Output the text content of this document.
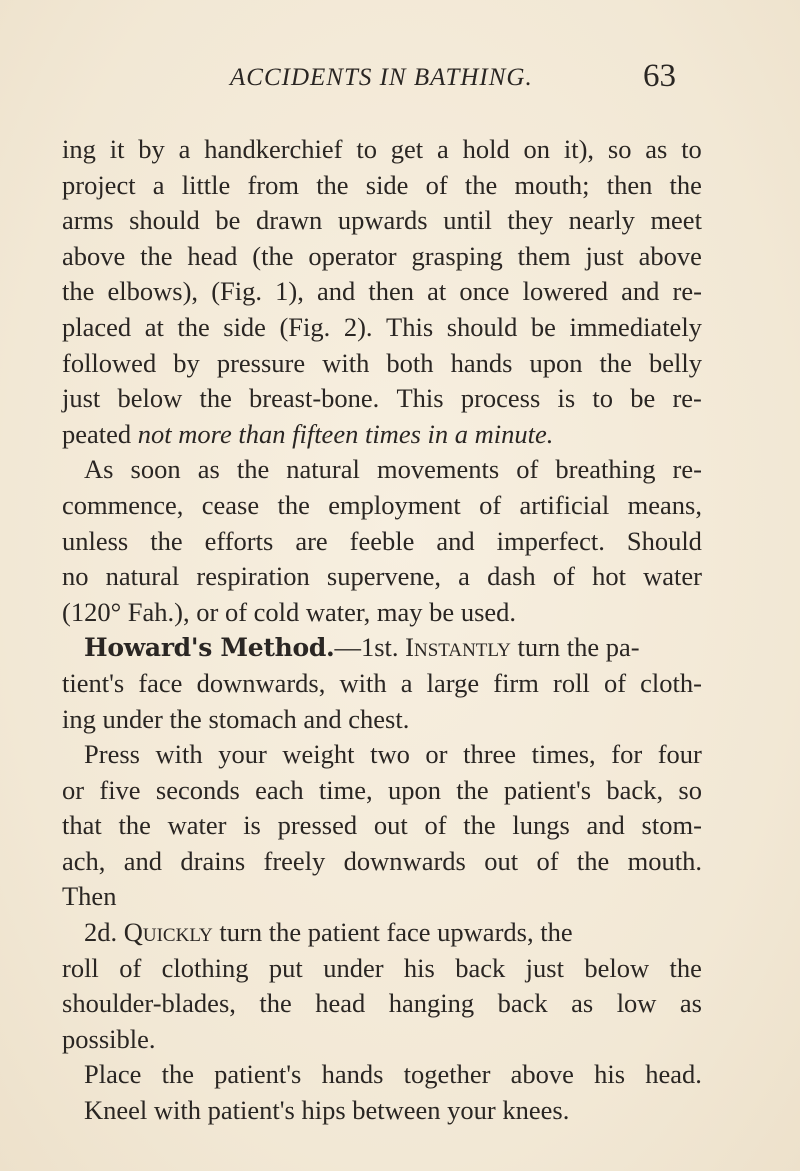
ACCIDENTS IN BATHING.	63
ing it by a handkerchief to get a hold on it), so as to
project a little from the side of the mouth; then the
arms should be drawn upwards until they nearly meet
above the head (the operator grasping them just above
the elbows), (Fig. 1), and then at once lowered and re-
placed at the side (Fig. 2). This should be immediately
followed by pressure with both hands upon the belly
just below the breast-bone. This process is to be re-
peated not more than fifteen times in a minute.
As soon as the natural movements of breathing re-
commence, cease the employment of artificial means,
unless the efforts are feeble and imperfect. Should
no natural respiration supervene, a dash of hot water
(120° Fah.), or of cold water, may be used.
Howard's Method. —1st. Instantly turn the pa-
tient's face downwards, with a large firm roll of cloth-
ing under the stomach and chest.
Press with your weight two or three times, for four
or five seconds each time, upon the patient's back, so
that the water is pressed out of the lungs and stom-
ach, and drains freely downwards out of the mouth.
Then
2d. Quickly turn the patient face upwards, the
roll of clothing put under his back just below the
shoulder-blades, the head hanging back as low as
possible.
Place the patient's hands together above his head.
Kneel with patient's hips between your knees.
